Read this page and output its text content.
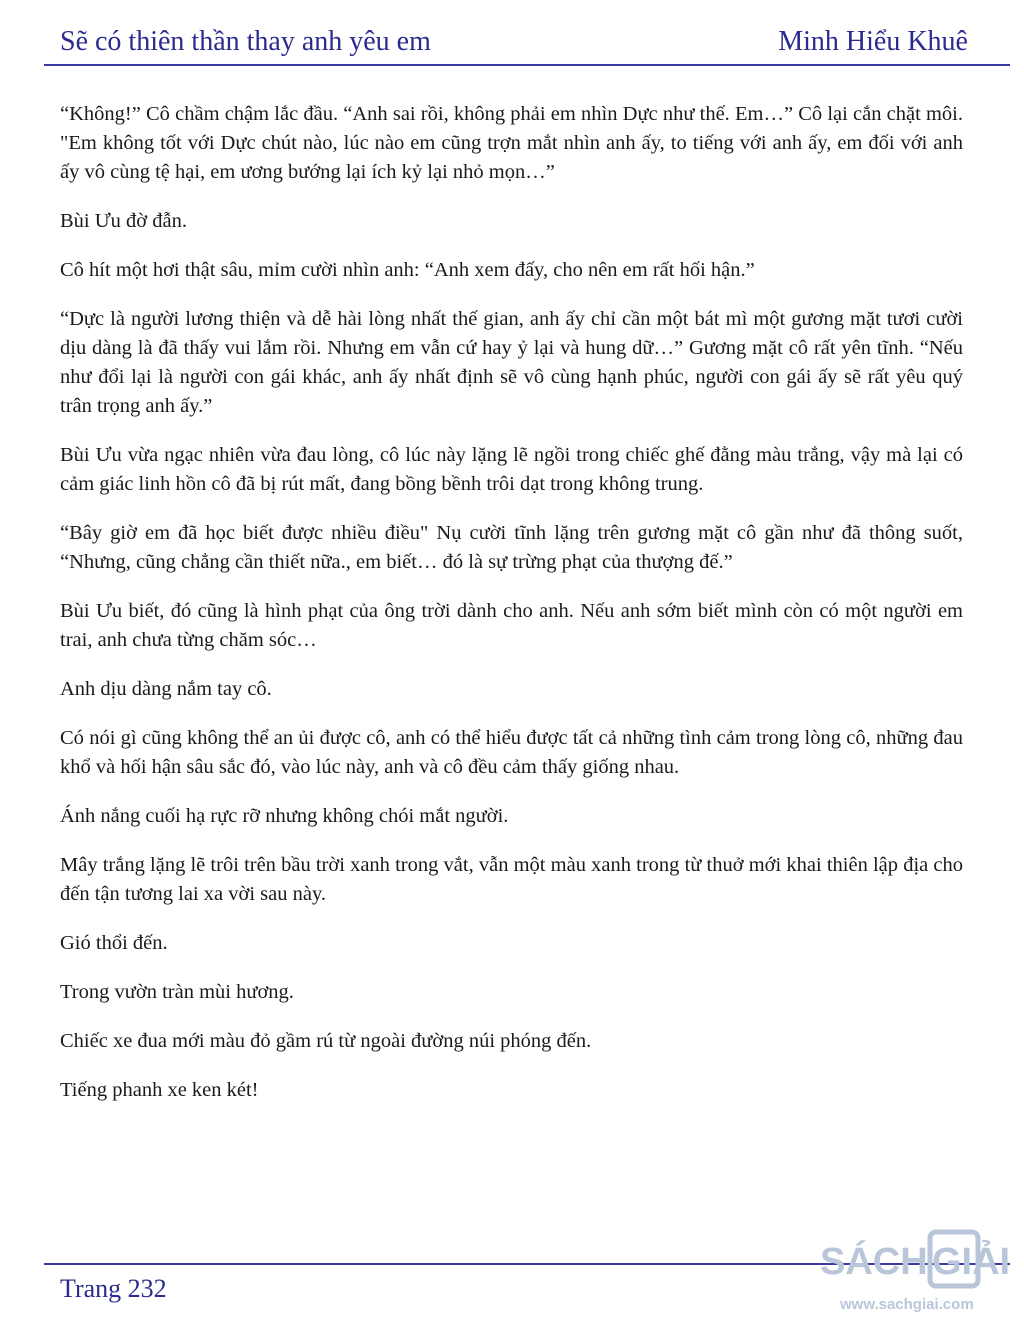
Sẽ có thiên thần thay anh yêu em	Minh Hiểu Khuê

“Không!” Cô chầm chậm lắc đầu. “Anh sai rồi, không phải em nhìn Dực như thế. Em…” Cô lại cắn chặt môi. "Em không tốt với Dực chút nào, lúc nào em cũng trợn mắt nhìn anh ấy, to tiếng với anh ấy, em đối với anh ấy vô cùng tệ hại, em ương bướng lại ích kỷ lại nhỏ mọn…”

Bùi Ưu đờ đẫn.

Cô hít một hơi thật sâu, mỉm cười nhìn anh: “Anh xem đấy, cho nên em rất hối hận.”

“Dực là người lương thiện và dễ hài lòng nhất thế gian, anh ấy chỉ cần một bát mì một gương mặt tươi cười dịu dàng là đã thấy vui lắm rồi. Nhưng em vẫn cứ hay ỷ lại và hung dữ…” Gương mặt cô rất yên tĩnh. “Nếu như đổi lại là người con gái khác, anh ấy nhất định sẽ vô cùng hạnh phúc, người con gái ấy sẽ rất yêu quý trân trọng anh ấy.”

Bùi Ưu vừa ngạc nhiên vừa đau lòng, cô lúc này lặng lẽ ngồi trong chiếc ghế đằng màu trắng, vậy mà lại có cảm giác linh hồn cô đã bị rút mất, đang bồng bềnh trôi dạt trong không trung.

“Bây giờ em đã học biết được nhiều điều" Nụ cười tĩnh lặng trên gương mặt cô gần như đã thông suốt, “Nhưng, cũng chẳng cần thiết nữa., em biết… đó là sự trừng phạt của thượng đế.”

Bùi Ưu biết, đó cũng là hình phạt của ông trời dành cho anh. Nếu anh sớm biết mình còn có một người em trai, anh chưa từng chăm sóc…

Anh dịu dàng nắm tay cô.

Có nói gì cũng không thể an ủi được cô, anh có thể hiểu được tất cả những tình cảm trong lòng cô, những đau khổ và hối hận sâu sắc đó, vào lúc này, anh và cô đều cảm thấy giống nhau.

Ánh nắng cuối hạ rực rỡ nhưng không chói mắt người.

Mây trắng lặng lẽ trôi trên bầu trời xanh trong vắt, vẫn một màu xanh trong từ thuở mới khai thiên lập địa cho đến tận tương lai xa vời sau này.

Gió thổi đến.

Trong vườn tràn mùi hương.

Chiếc xe đua mới màu đỏ gầm rú từ ngoài đường núi phóng đến.

Tiếng phanh xe ken két!

Trang 232
SÁCH GIẢI
www.sachgiai.com
